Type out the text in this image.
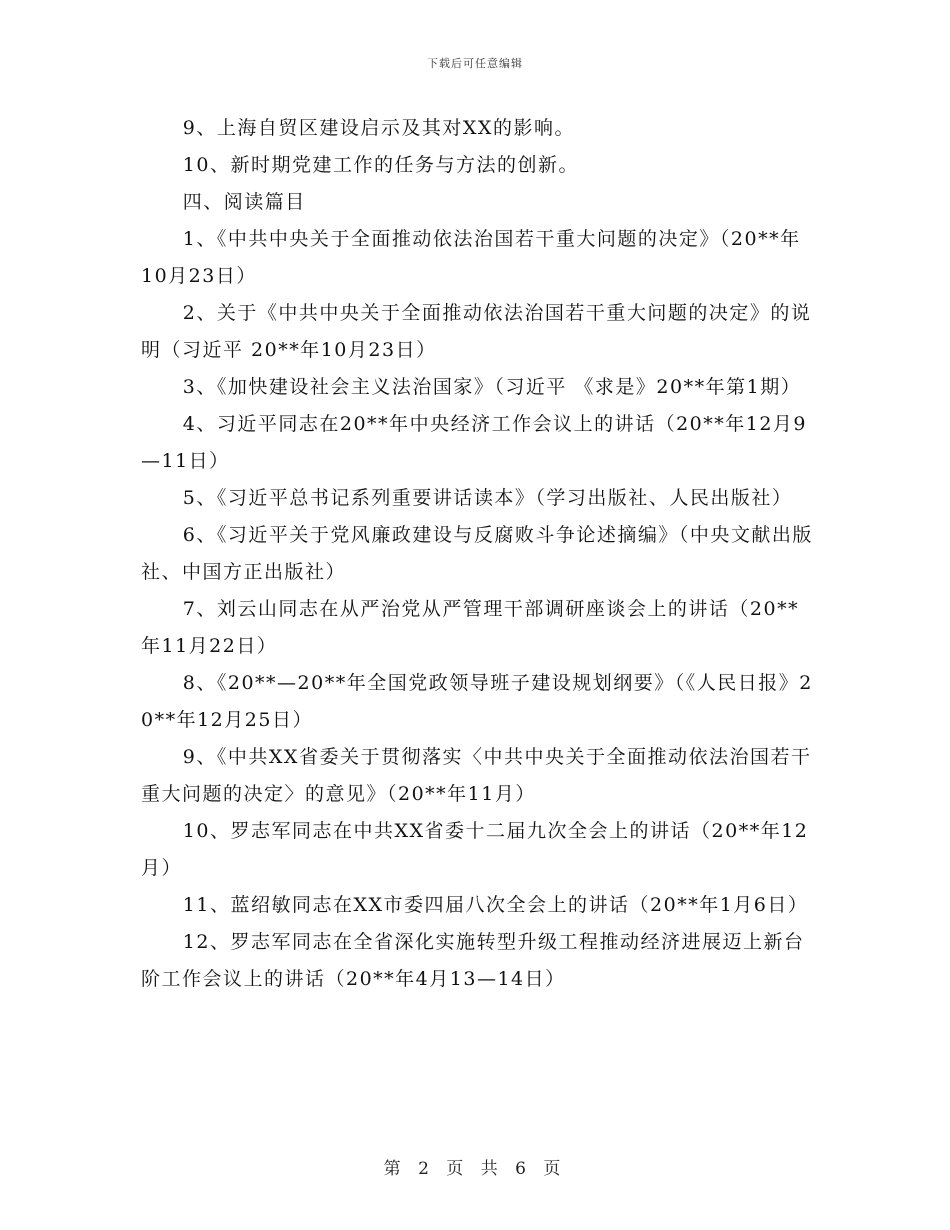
下载后可任意编辑

9、上海自贸区建设启示及其对XX的影响。

10、新时期党建工作的任务与方法的创新。

四、阅读篇目

1、《中共中央关于全面推动依法治国若干重大问题的决定》（20**年10月23日）

2、关于《中共中央关于全面推动依法治国若干重大问题的决定》的说明（习近平 20**年10月23日）

3、《加快建设社会主义法治国家》（习近平 《求是》20**年第1期）

4、习近平同志在20**年中央经济工作会议上的讲话（20**年12月9—11日）

5、《习近平总书记系列重要讲话读本》（学习出版社、人民出版社）

6、《习近平关于党风廉政建设与反腐败斗争论述摘编》（中央文献出版社、中国方正出版社）

7、刘云山同志在从严治党从严管理干部调研座谈会上的讲话（20**年11月22日）

8、《20**—20**年全国党政领导班子建设规划纲要》（《人民日报》20**年12月25日）

9、《中共XX省委关于贯彻落实〈中共中央关于全面推动依法治国若干重大问题的决定〉的意见》（20**年11月）

10、罗志军同志在中共XX省委十二届九次全会上的讲话（20**年12月）

11、蓝绍敏同志在XX市委四届八次全会上的讲话（20**年1月6日）

12、罗志军同志在全省深化实施转型升级工程推动经济进展迈上新台阶工作会议上的讲话（20**年4月13—14日）

第 2 页 共 6 页
